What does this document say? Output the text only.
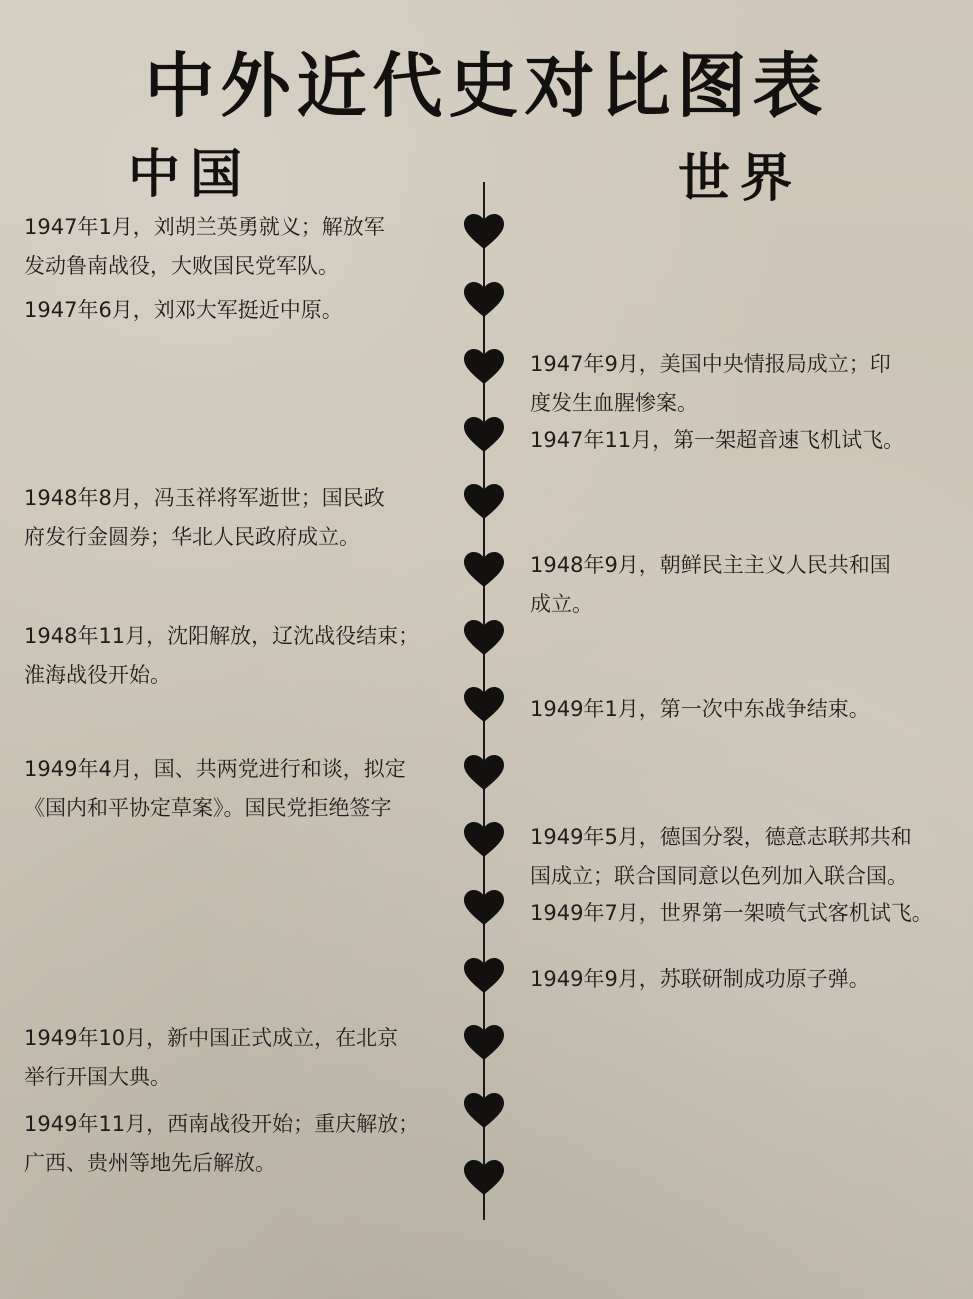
中外近代史对比图表
中国	世界
1947年1月，刘胡兰英勇就义；解放军
发动鲁南战役，大败国民党军队。
1947年6月，刘邓大军挺近中原。
1948年8月，冯玉祥将军逝世；国民政
府发行金圆券；华北人民政府成立。
1948年11月，沈阳解放，辽沈战役结束；
淮海战役开始。
1949年4月，国、共两党进行和谈，拟定
《国内和平协定草案》。国民党拒绝签字
1949年10月，新中国正式成立，在北京
举行开国大典。
1949年11月，西南战役开始；重庆解放；
广西、贵州等地先后解放。
1947年9月，美国中央情报局成立；印
度发生血腥惨案。
1947年11月，第一架超音速飞机试飞。
1948年9月，朝鲜民主主义人民共和国
成立。
1949年1月，第一次中东战争结束。
1949年5月，德国分裂，德意志联邦共和
国成立；联合国同意以色列加入联合国。
1949年7月，世界第一架喷气式客机试飞。
1949年9月，苏联研制成功原子弹。
